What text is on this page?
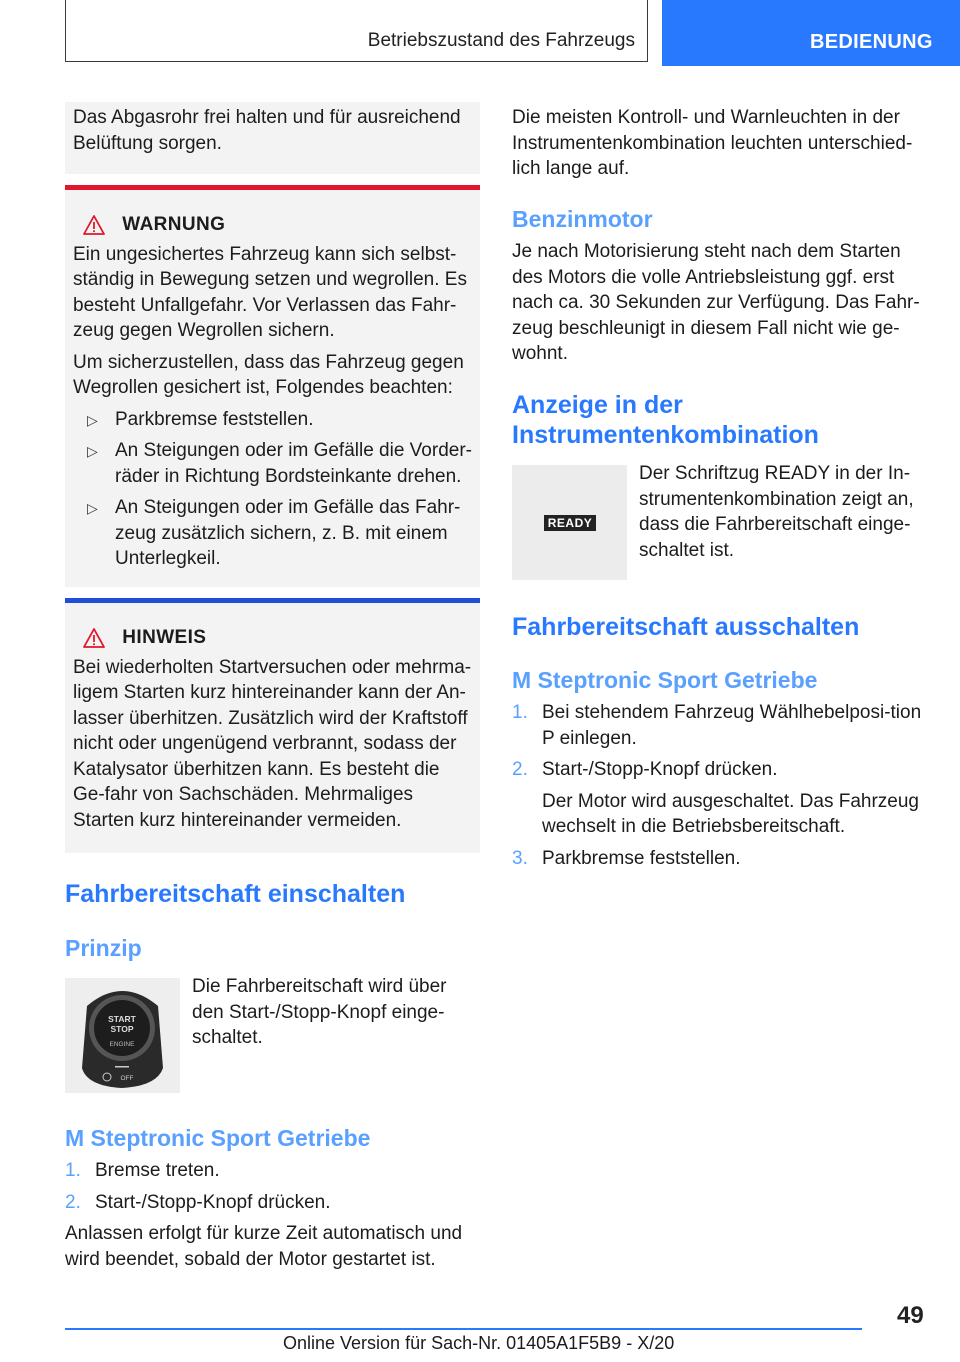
Betriebszustand des Fahrzeugs	BEDIENUNG

Das Abgasrohr frei halten und für ausreichend Belüftung sorgen.

WARNUNG

Ein ungesichertes Fahrzeug kann sich selbst-ständig in Bewegung setzen und wegrollen. Es besteht Unfallgefahr. Vor Verlassen das Fahr-zeug gegen Wegrollen sichern.

Um sicherzustellen, dass das Fahrzeug gegen Wegrollen gesichert ist, Folgendes beachten:

▷ Parkbremse feststellen.
▷ An Steigungen oder im Gefälle die Vorder-räder in Richtung Bordsteinkante drehen.
▷ An Steigungen oder im Gefälle das Fahr-zeug zusätzlich sichern, z. B. mit einem Unterlegkeil.
HINWEIS

Bei wiederholten Startversuchen oder mehrma-ligem Starten kurz hintereinander kann der An-lasser überhitzen. Zusätzlich wird der Kraftstoff nicht oder ungenügend verbrannt, sodass der Katalysator überhitzen kann. Es besteht die Ge-fahr von Sachschäden. Mehrmaliges Starten kurz hintereinander vermeiden.

Fahrbereitschaft einschalten
Prinzip
START
STOP
ENGINE
OFF
Die Fahrbereitschaft wird über den Start-/Stopp-Knopf einge-schaltet.
M Steptronic Sport Getriebe
1. Bremse treten.
2. Start-/Stopp-Knopf drücken.

Anlassen erfolgt für kurze Zeit automatisch und wird beendet, sobald der Motor gestartet ist.

Die meisten Kontroll- und Warnleuchten in der Instrumentenkombination leuchten unterschied-lich lange auf.
Benzinmotor
Je nach Motorisierung steht nach dem Starten des Motors die volle Antriebsleistung ggf. erst nach ca. 30 Sekunden zur Verfügung. Das Fahr-zeug beschleunigt in diesem Fall nicht wie ge-wohnt.
Anzeige in der
Instrumentenkombination
READY
Der Schriftzug READY in der In-strumentenkombination zeigt an, dass die Fahrbereitschaft einge-schaltet ist.
Fahrbereitschaft ausschalten
M Steptronic Sport Getriebe
1. Bei stehendem Fahrzeug Wählhebelposi-tion P einlegen.
2. Start-/Stopp-Knopf drücken.

Der Motor wird ausgeschaltet. Das Fahrzeug wechselt in die Betriebsbereitschaft.

3. Parkbremse feststellen.
49
Online Version für Sach-Nr. 01405A1F5B9 - X/20
